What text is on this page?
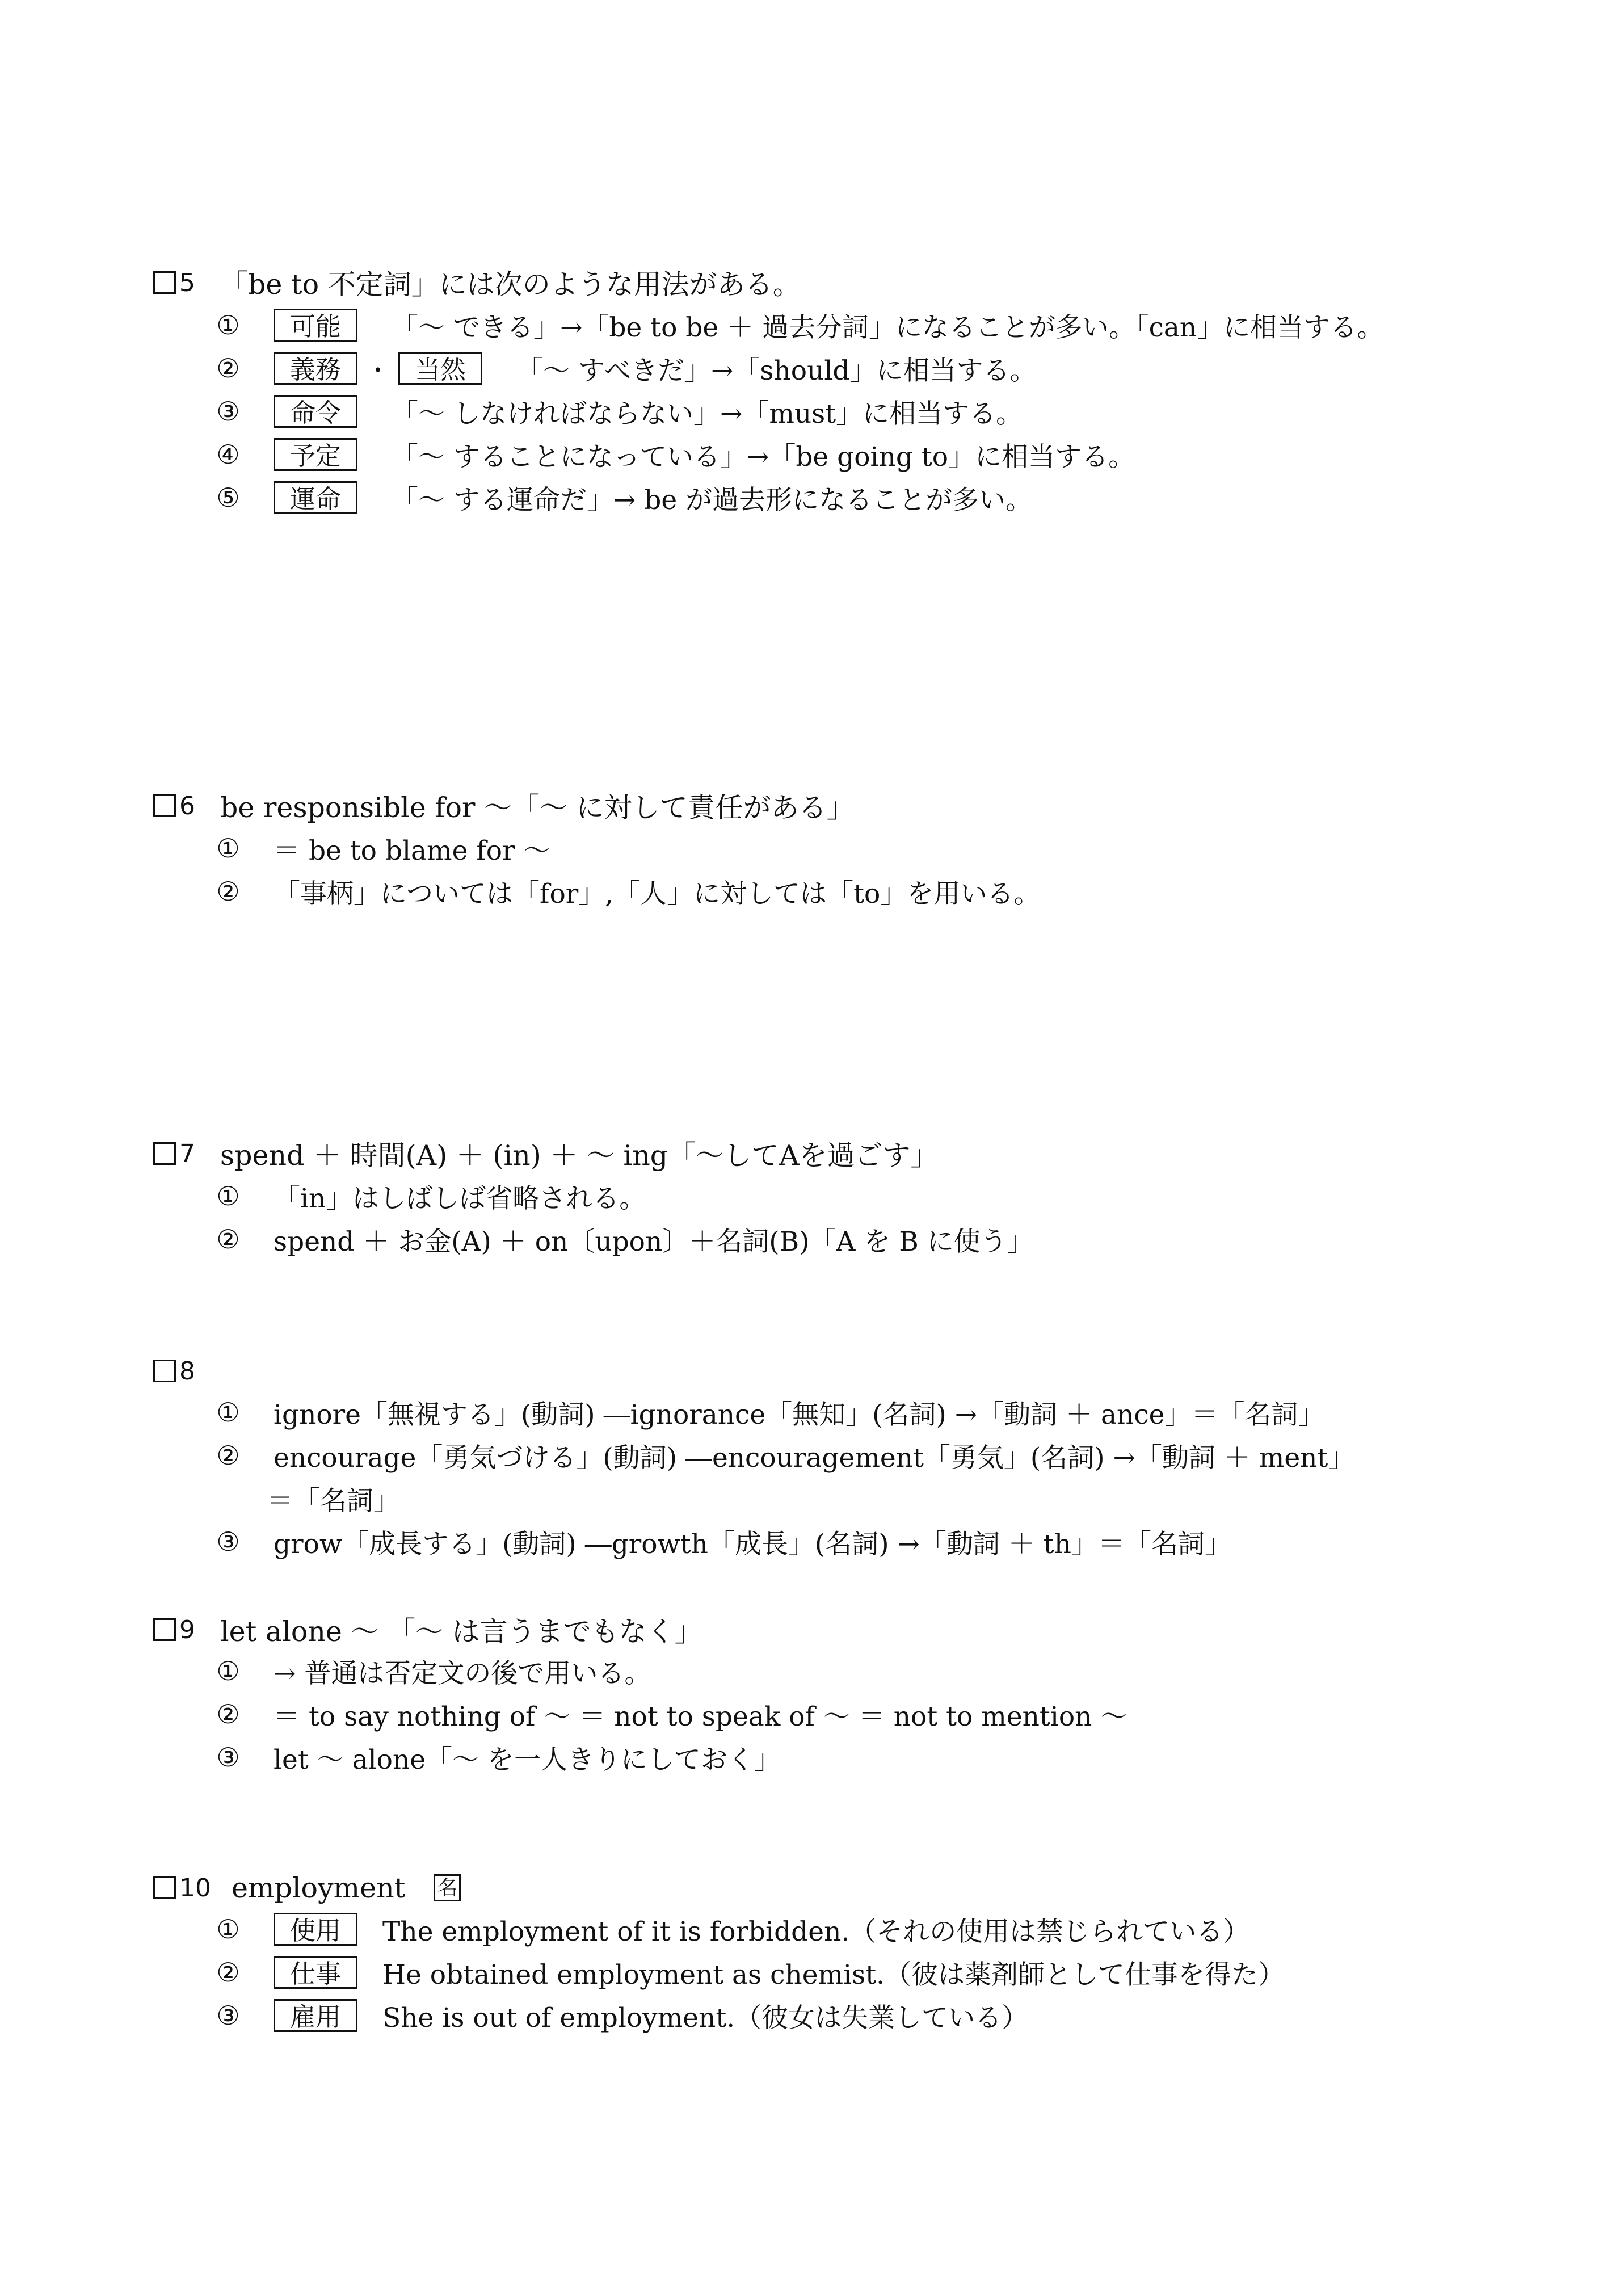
5 「be to 不定詞」には次のような用法がある。
①	可能	「～ できる」→「be to be ＋ 過去分詞」になることが多い。「can」に相当する。
②	義務 ・ 当然	「～ すべきだ」→「should」に相当する。
③	命令	「～ しなければならない」→「must」に相当する。
④	予定	「～ することになっている」→「be going to」に相当する。
⑤	運命	「～ する運命だ」→ be が過去形になることが多い。
6 be responsible for ～「～ に対して責任がある」
① ＝ be to blame for ～
② 「事柄」については「for」,「人」に対しては「to」を用いる。
7 spend ＋ 時間(A) ＋ (in) ＋ ～ ing「～してAを過ごす」
① 「in」はしばしば省略される。
② spend ＋ お金(A) ＋ on〔upon〕＋名詞(B)「A を B に使う」
8
① ignore「無視する」(動詞) ―ignorance「無知」(名詞) →「動詞 ＋ ance」＝「名詞」
② encourage「勇気づける」(動詞) ―encouragement「勇気」(名詞) →「動詞 ＋ ment」
＝「名詞」
③ grow「成長する」(動詞) ―growth「成長」(名詞) →「動詞 ＋ th」＝「名詞」
9 let alone ～ 「～ は言うまでもなく」
① → 普通は否定文の後で用いる。
② ＝ to say nothing of ～ ＝ not to speak of ～ ＝ not to mention ～
③ let ～ alone「～ を一人きりにしておく」
10 employment 名
①	使用	The employment of it is forbidden.（それの使用は禁じられている）
②	仕事	He obtained employment as chemist.（彼は薬剤師として仕事を得た）
③	雇用	She is out of employment.（彼女は失業している）
